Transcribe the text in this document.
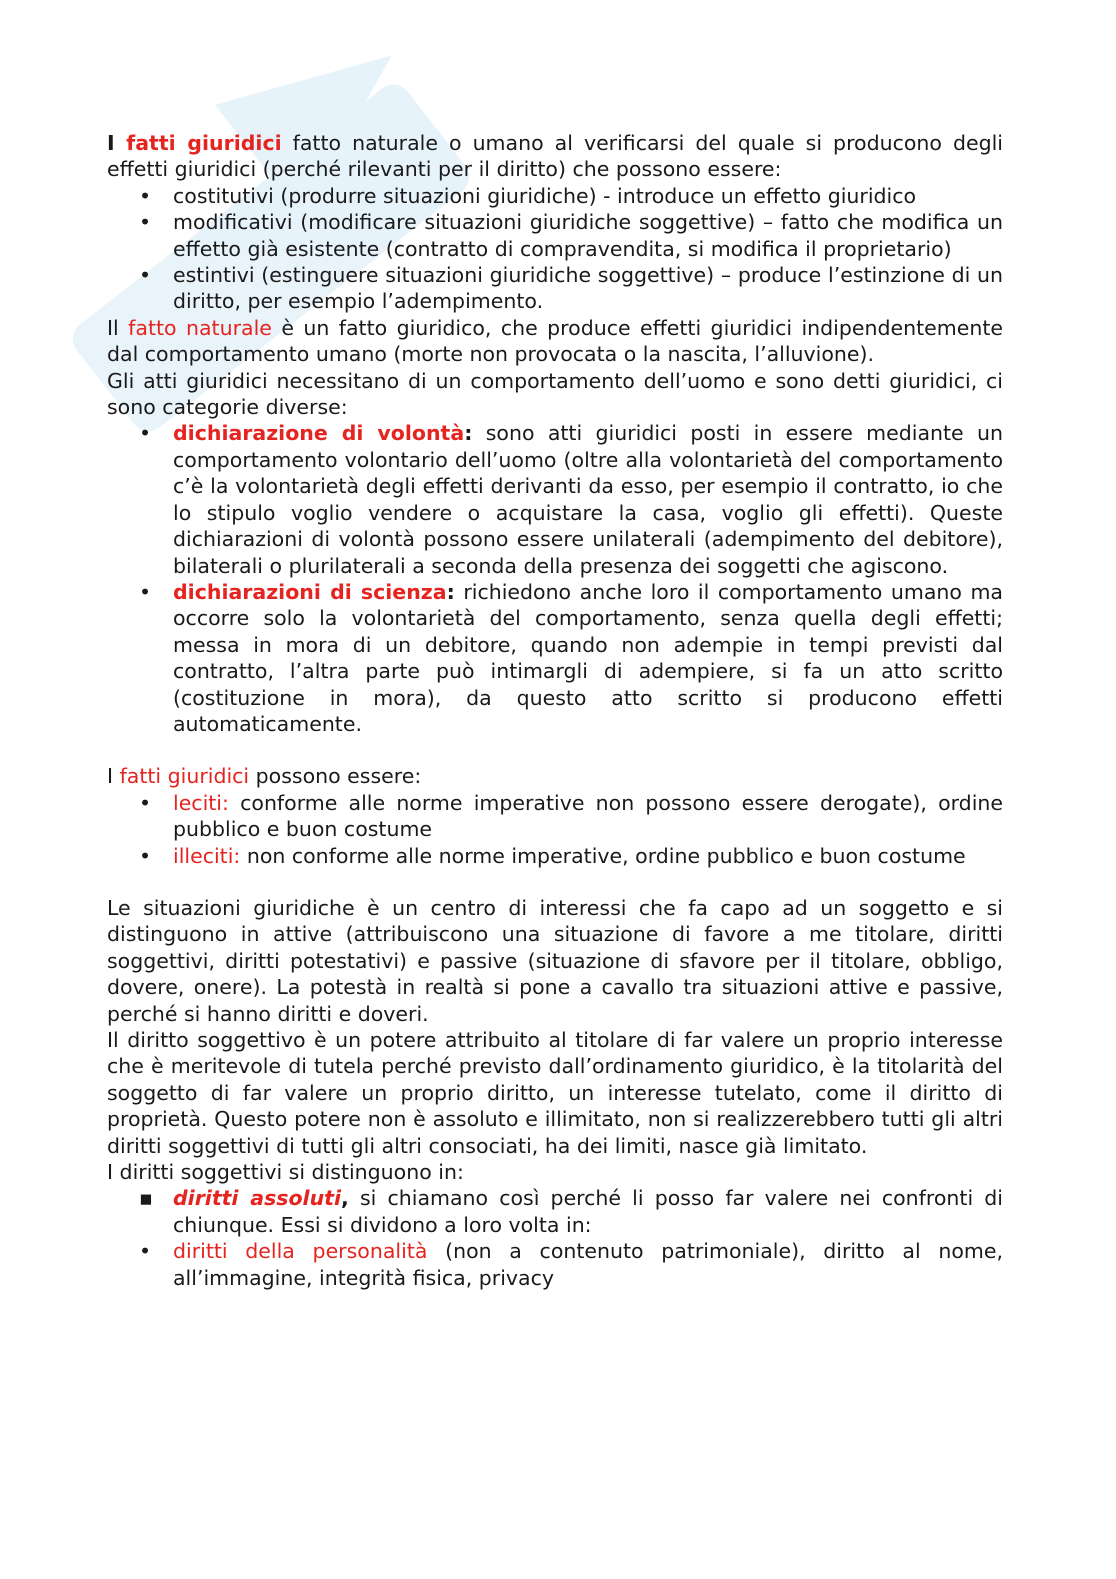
I fatti giuridici fatto naturale o umano al verificarsi del quale si producono degli effetti giuridici (perché rilevanti per il diritto) che possono essere:

• costitutivi (produrre situazioni giuridiche) - introduce un effetto giuridico
• modificativi (modificare situazioni giuridiche soggettive) – fatto che modifica un effetto già esistente (contratto di compravendita, si modifica il proprietario)
• estintivi (estinguere situazioni giuridiche soggettive) – produce l’estinzione di un diritto, per esempio l’adempimento.

Il fatto naturale è un fatto giuridico, che produce effetti giuridici indipendentemente dal comportamento umano (morte non provocata o la nascita, l’alluvione).

Gli atti giuridici necessitano di un comportamento dell’uomo e sono detti giuridici, ci sono categorie diverse:

• dichiarazione di volontà: sono atti giuridici posti in essere mediante un comportamento volontario dell’uomo (oltre alla volontarietà del comportamento c’è la volontarietà degli effetti derivanti da esso, per esempio il contratto, io che lo stipulo voglio vendere o acquistare la casa, voglio gli effetti). Queste dichiarazioni di volontà possono essere unilaterali (adempimento del debitore), bilaterali o plurilaterali a seconda della presenza dei soggetti che agiscono.
• dichiarazioni di scienza: richiedono anche loro il comportamento umano ma occorre solo la volontarietà del comportamento, senza quella degli effetti; messa in mora di un debitore, quando non adempie in tempi previsti dal contratto, l’altra parte può intimargli di adempiere, si fa un atto scritto (costituzione in mora), da questo atto scritto si producono effetti automaticamente.

I fatti giuridici possono essere:

• leciti: conforme alle norme imperative non possono essere derogate), ordine pubblico e buon costume
• illeciti: non conforme alle norme imperative, ordine pubblico e buon costume

Le situazioni giuridiche è un centro di interessi che fa capo ad un soggetto e si distinguono in attive (attribuiscono una situazione di favore a me titolare, diritti soggettivi, diritti potestativi) e passive (situazione di sfavore per il titolare, obbligo, dovere, onere). La potestà in realtà si pone a cavallo tra situazioni attive e passive, perché si hanno diritti e doveri.

Il diritto soggettivo è un potere attribuito al titolare di far valere un proprio interesse che è meritevole di tutela perché previsto dall’ordinamento giuridico, è la titolarità del soggetto di far valere un proprio diritto, un interesse tutelato, come il diritto di proprietà. Questo potere non è assoluto e illimitato, non si realizzerebbero tutti gli altri diritti soggettivi di tutti gli altri consociati, ha dei limiti, nasce già limitato.

I diritti soggettivi si distinguono in:

▪ diritti assoluti, si chiamano così perché li posso far valere nei confronti di chiunque. Essi si dividono a loro volta in:
• diritti della personalità (non a contenuto patrimoniale), diritto al nome, all’immagine, integrità fisica, privacy
